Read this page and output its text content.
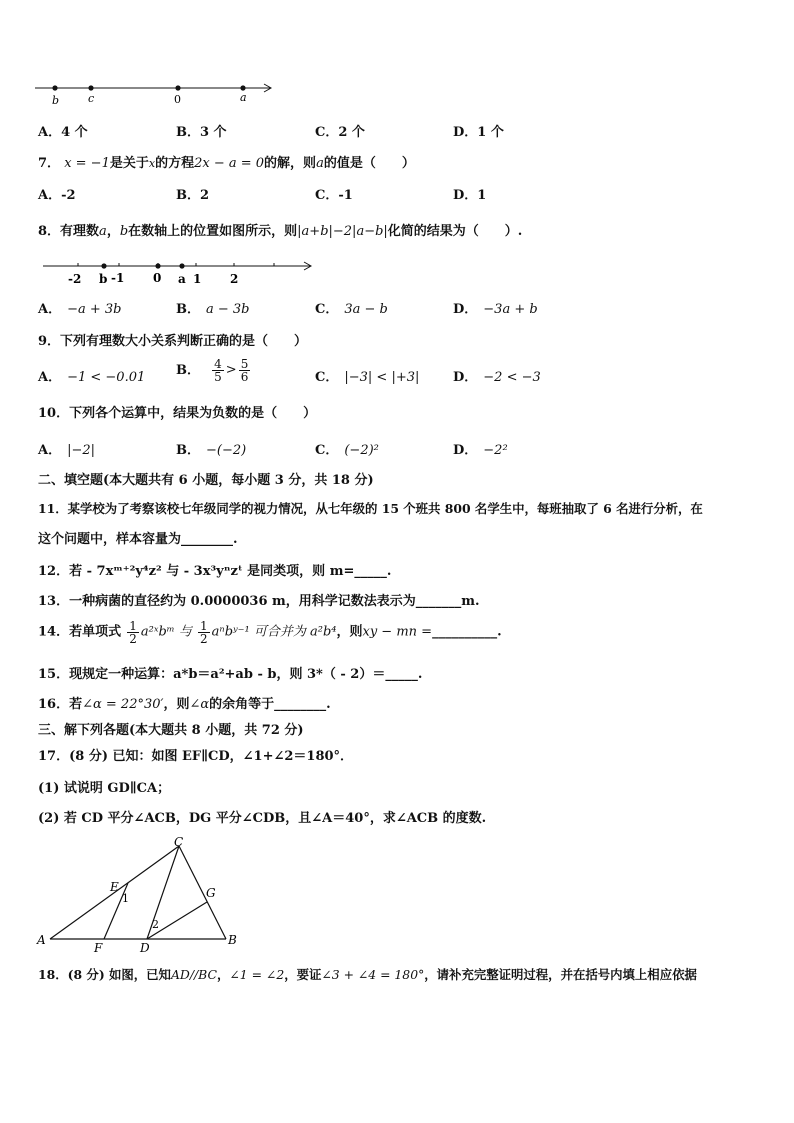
b	c	0	a
A．4 个	B．3 个	C．2 个	D．1 个
7． x = −1是关于x的方程2x − a = 0的解，则a的值是（　　）
A．-2	B．2	C．-1	D．1
8．有理数a，b在数轴上的位置如图所示，则|a+b|−2|a−b|化简的结果为（　　）.
-2 b -1 0 a 1 2
A． −a + 3b	B． a − 3b	C． 3a − b	D． −3a + b
9．下列有理数大小关系判断正确的是（　　）
A． −1 < −0.01 B． $\frac{4}{5} > \frac{5}{6}$	C． |−3| < |+3|	D． −2 < −3
10．下列各个运算中，结果为负数的是（　　）
A． |−2|	B． −(−2)	C． (−2)²	D． −2²
二、填空题(本大题共有 6 小题，每小题 3 分，共 18 分)
11．某学校为了考察该校七年级同学的视力情况，从七年级的 15 个班共 800 名学生中，每班抽取了 6 名进行分析，在
这个问题中，样本容量为________.
12．若 - 7xᵐ⁺²y⁴z² 与 - 3x³yⁿzᵗ 是同类项，则 m=_____.
13．一种病菌的直径约为 0.0000036 m，用科学记数法表示为_______m.
14．若单项式 $\frac{1}{2}$ a²ˣbᵐ 与 $\frac{1}{2}$ aⁿbʸ⁻¹ 可合并为 a²b⁴，则xy − mn =__________.
15．现规定一种运算：a*b＝a²+ab - b，则 3*（ - 2）＝_____.
16．若∠α = 22°30′，则∠α的余角等于________.
三、解下列各题(本大题共 8 小题，共 72 分)
17．(8 分) 已知：如图 EF∥CD，∠1+∠2＝180°．
(1) 试说明 GD∥CA；
(2) 若 CD 平分∠ACB，DG 平分∠CDB，且∠A＝40°，求∠ACB 的度数.
C
E
1	G
2
A
F	D
B
18．(8 分) 如图，已知AD//BC，∠1 = ∠2，要证∠3 + ∠4 = 180°，请补充完整证明过程，并在括号内填上相应依据
